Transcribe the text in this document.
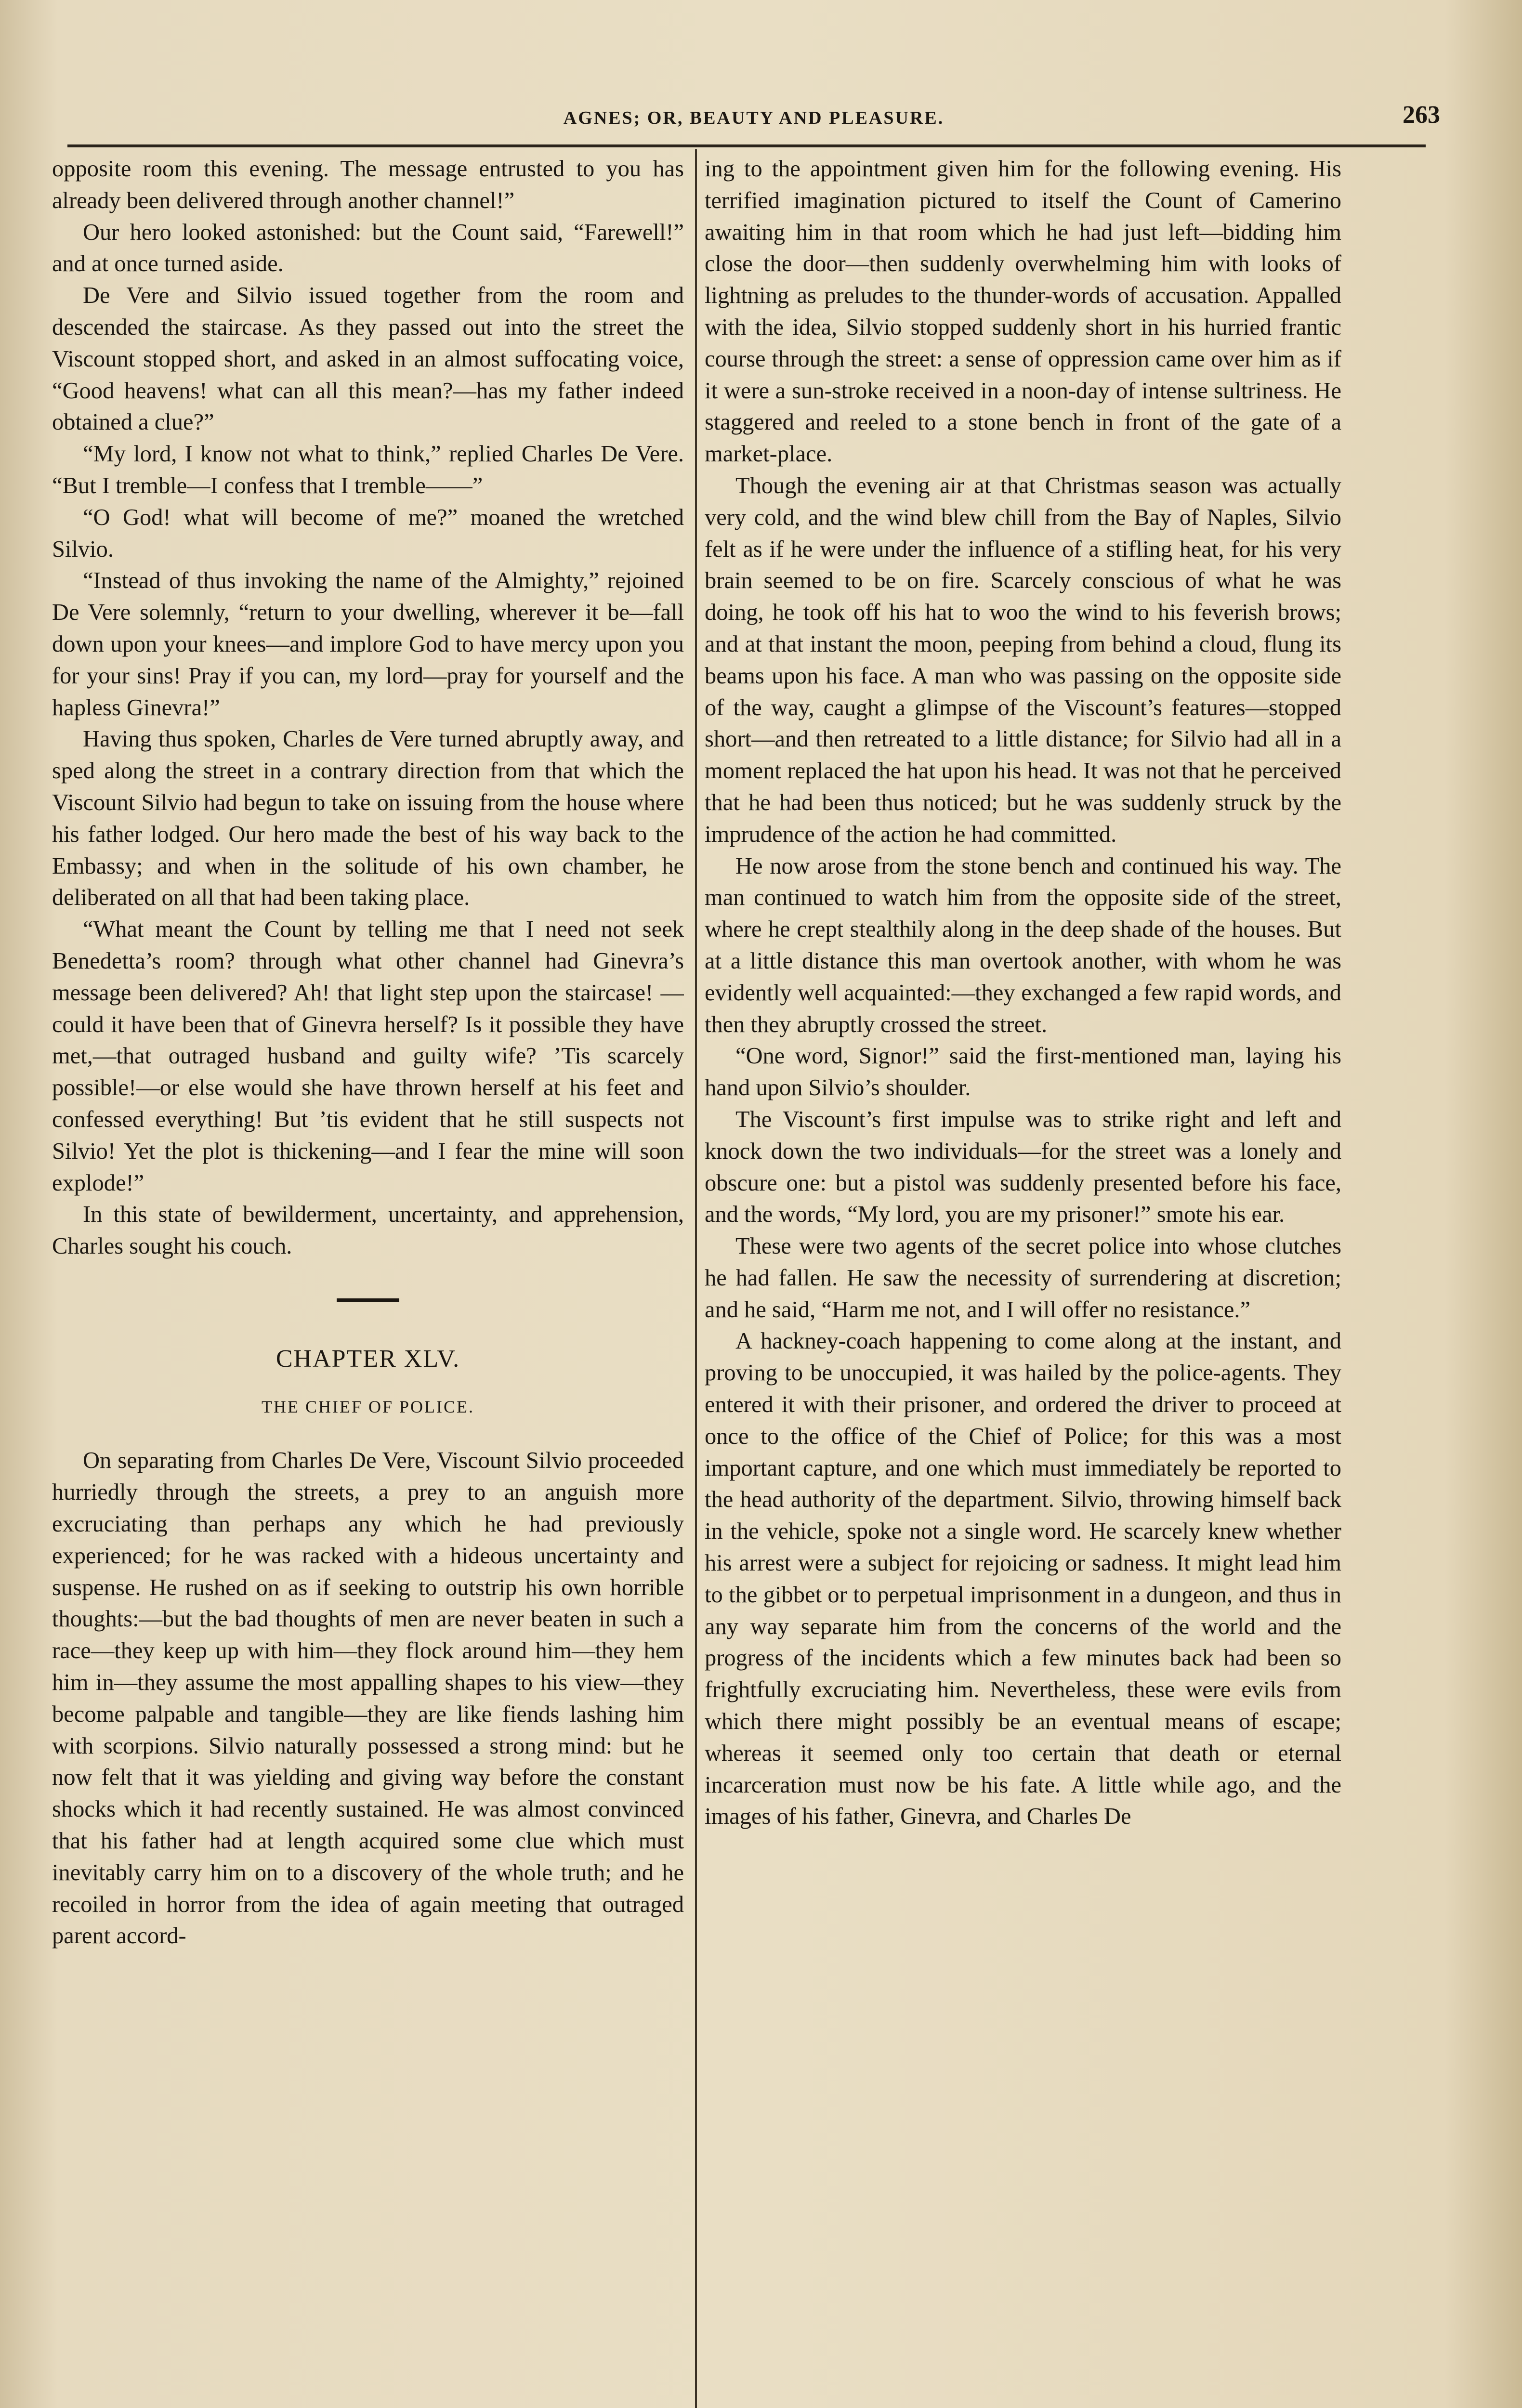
AGNES; OR, BEAUTY AND PLEASURE.	263

opposite room this evening. The message entrusted to you has already been delivered through another channel!”

Our hero looked astonished: but the Count said, “Farewell!” and at once turned aside.

De Vere and Silvio issued together from the room and descended the staircase. As they passed out into the street the Viscount stopped short, and asked in an almost suffocating voice, “Good heavens! what can all this mean?—has my father indeed obtained a clue?”

“My lord, I know not what to think,” replied Charles De Vere. “But I tremble—I confess that I tremble——”

“O God! what will become of me?” moaned the wretched Silvio.

“Instead of thus invoking the name of the Almighty,” rejoined De Vere solemnly, “return to your dwelling, wherever it be—fall down upon your knees—and implore God to have mercy upon you for your sins! Pray if you can, my lord—pray for yourself and the hapless Ginevra!”

Having thus spoken, Charles de Vere turned abruptly away, and sped along the street in a contrary direction from that which the Viscount Silvio had begun to take on issuing from the house where his father lodged. Our hero made the best of his way back to the Embassy; and when in the solitude of his own chamber, he deliberated on all that had been taking place.

“What meant the Count by telling me that I need not seek Benedetta’s room? through what other channel had Ginevra’s message been delivered? Ah! that light step upon the staircase! —could it have been that of Ginevra herself? Is it possible they have met,—that outraged husband and guilty wife? ’Tis scarcely possible!—or else would she have thrown herself at his feet and confessed everything! But ’tis evident that he still suspects not Silvio! Yet the plot is thickening—and I fear the mine will soon explode!”

In this state of bewilderment, uncertainty, and apprehension, Charles sought his couch.

CHAPTER XLV.
THE CHIEF OF POLICE.

On separating from Charles De Vere, Viscount Silvio proceeded hurriedly through the streets, a prey to an anguish more excruciating than perhaps any which he had previously experienced; for he was racked with a hideous uncertainty and suspense. He rushed on as if seeking to outstrip his own horrible thoughts:—but the bad thoughts of men are never beaten in such a race—they keep up with him—they flock around him—they hem him in—they assume the most appalling shapes to his view—they become palpable and tangible—they are like fiends lashing him with scorpions. Silvio naturally possessed a strong mind: but he now felt that it was yielding and giving way before the constant shocks which it had recently sustained. He was almost convinced that his father had at length acquired some clue which must inevitably carry him on to a discovery of the whole truth; and he recoiled in horror from the idea of again meeting that outraged parent accord-

ing to the appointment given him for the following evening. His terrified imagination pictured to itself the Count of Camerino awaiting him in that room which he had just left—bidding him close the door—then suddenly overwhelming him with looks of lightning as preludes to the thunder-words of accusation. Appalled with the idea, Silvio stopped suddenly short in his hurried frantic course through the street: a sense of oppression came over him as if it were a sun-stroke received in a noon-day of intense sultriness. He staggered and reeled to a stone bench in front of the gate of a market-place.

Though the evening air at that Christmas season was actually very cold, and the wind blew chill from the Bay of Naples, Silvio felt as if he were under the influence of a stifling heat, for his very brain seemed to be on fire. Scarcely conscious of what he was doing, he took off his hat to woo the wind to his feverish brows; and at that instant the moon, peeping from behind a cloud, flung its beams upon his face. A man who was passing on the opposite side of the way, caught a glimpse of the Viscount’s features—stopped short—and then retreated to a little distance; for Silvio had all in a moment replaced the hat upon his head. It was not that he perceived that he had been thus noticed; but he was suddenly struck by the imprudence of the action he had committed.

He now arose from the stone bench and continued his way. The man continued to watch him from the opposite side of the street, where he crept stealthily along in the deep shade of the houses. But at a little distance this man overtook another, with whom he was evidently well acquainted:—they exchanged a few rapid words, and then they abruptly crossed the street.

“One word, Signor!” said the first-mentioned man, laying his hand upon Silvio’s shoulder.

The Viscount’s first impulse was to strike right and left and knock down the two individuals—for the street was a lonely and obscure one: but a pistol was suddenly presented before his face, and the words, “My lord, you are my prisoner!” smote his ear.

These were two agents of the secret police into whose clutches he had fallen. He saw the necessity of surrendering at discretion; and he said, “Harm me not, and I will offer no resistance.”

A hackney-coach happening to come along at the instant, and proving to be unoccupied, it was hailed by the police-agents. They entered it with their prisoner, and ordered the driver to proceed at once to the office of the Chief of Police; for this was a most important capture, and one which must immediately be reported to the head authority of the department. Silvio, throwing himself back in the vehicle, spoke not a single word. He scarcely knew whether his arrest were a subject for rejoicing or sadness. It might lead him to the gibbet or to perpetual imprisonment in a dungeon, and thus in any way separate him from the concerns of the world and the progress of the incidents which a few minutes back had been so frightfully excruciating him. Nevertheless, these were evils from which there might possibly be an eventual means of escape; whereas it seemed only too certain that death or eternal incarceration must now be his fate. A little while ago, and the images of his father, Ginevra, and Charles De
